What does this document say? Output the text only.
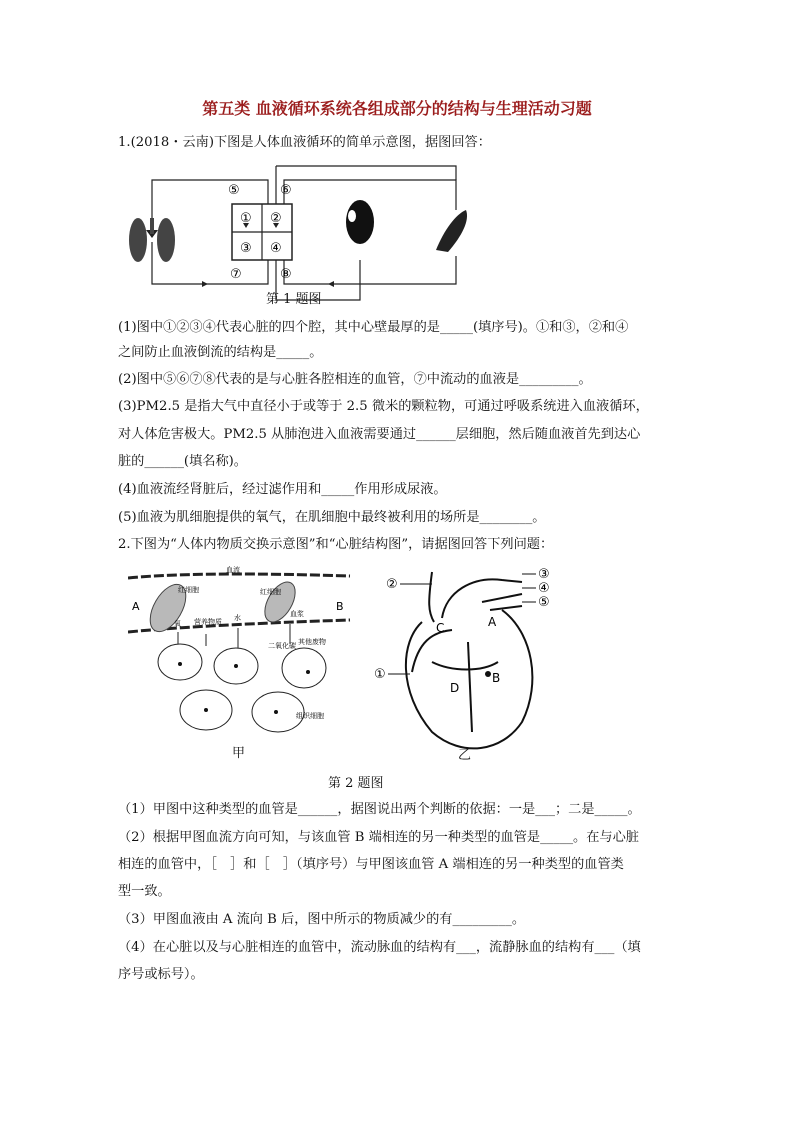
第五类 血液循环系统各组成部分的结构与生理活动习题
1.(2018・云南)下图是人体血液循环的简单示意图，据图回答：
⑤	⑥
① ②
③ ④
⑦	⑧
第 1 题图
(1)图中①②③④代表心脏的四个腔，其中心壁最厚的是_____(填序号)。①和③，②和④
之间防止血液倒流的结构是_____。
(2)图中⑤⑥⑦⑧代表的是与心脏各腔相连的血管，⑦中流动的血液是_________。
(3)PM2.5 是指大气中直径小于或等于 2.5 微米的颗粒物，可通过呼吸系统进入血液循环，
对人体危害极大。PM2.5 从肺泡进入血液需要通过______层细胞，然后随血液首先到达心
脏的______(填名称)。
(4)血液流经肾脏后，经过滤作用和_____作用形成尿液。
(5)血液为肌细胞提供的氧气，在肌细胞中最终被利用的场所是________。
2.下图为“人体内物质交换示意图”和“心脏结构图”，请据图回答下列问题：
A	B
血流
红细胞	红细胞
氧 营养物质 水	血浆
二氧化碳 其他废物
组织细胞
甲
C	A
D
B
①
②
③
④
⑤
乙
第 2 题图
（1）甲图中这种类型的血管是______，据图说出两个判断的依据：一是___；二是_____。
（2）根据甲图血流方向可知，与该血管 B 端相连的另一种类型的血管是_____。在与心脏
相连的血管中，［　］和［　］（填序号）与甲图该血管 A 端相连的另一种类型的血管类
型一致。
（3）甲图血液由 A 流向 B 后，图中所示的物质减少的有_________。
（4）在心脏以及与心脏相连的血管中，流动脉血的结构有___，流静脉血的结构有___（填
序号或标号）。
